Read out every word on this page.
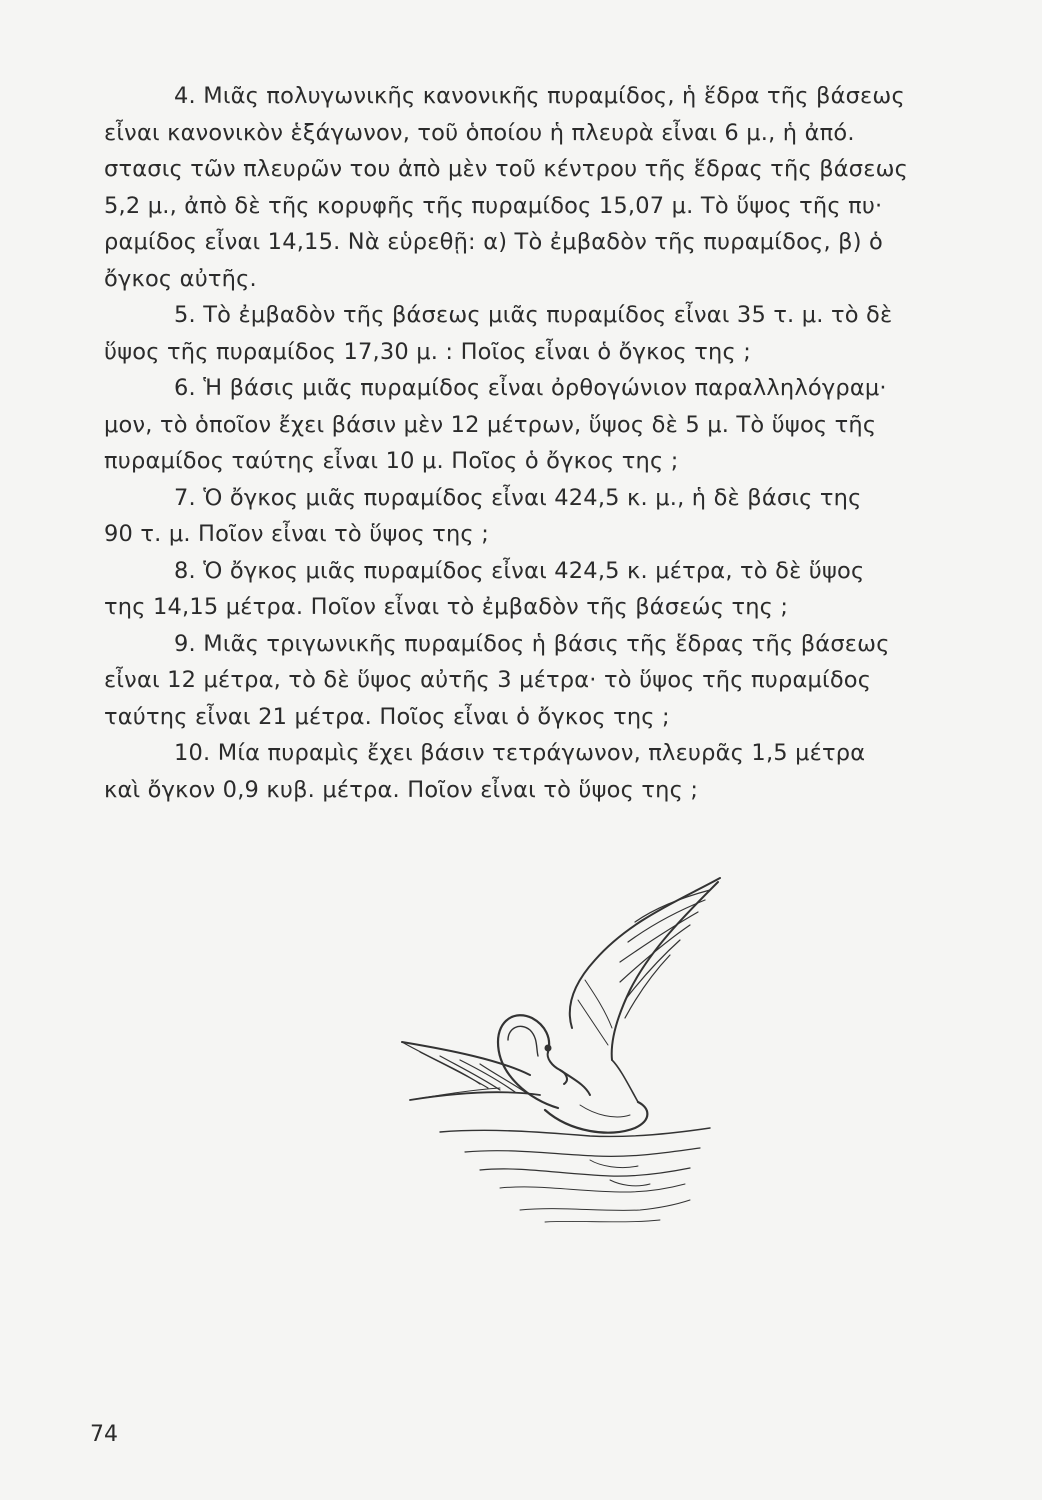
4. Μιᾶς πολυγωνικῆς κανονικῆς πυραμίδος, ἡ ἕδρα τῆς βάσεως
εἶναι κανονικὸν ἑξάγωνον, τοῦ ὁποίου ἡ πλευρὰ εἶναι 6 μ., ἡ ἀπό.
στασις τῶν πλευρῶν του ἀπὸ μὲν τοῦ κέντρου τῆς ἕδρας τῆς βάσεως
5,2 μ., ἀπὸ δὲ τῆς κορυφῆς τῆς πυραμίδος 15,07 μ. Τὸ ὕψος τῆς πυ·
ραμίδος εἶναι 14,15. Νὰ εὑρεθῇ: α) Τὸ ἐμβαδὸν τῆς πυραμίδος, β) ὁ
ὄγκος αὐτῆς.
5. Τὸ ἐμβαδὸν τῆς βάσεως μιᾶς πυραμίδος εἶναι 35 τ. μ. τὸ δὲ
ὕψος τῆς πυραμίδος 17,30 μ. : Ποῖος εἶναι ὁ ὄγκος της ;
6. Ἡ βάσις μιᾶς πυραμίδος εἶναι ὀρθογώνιον παραλληλόγραμ·
μον, τὸ ὁποῖον ἔχει βάσιν μὲν 12 μέτρων, ὕψος δὲ 5 μ. Τὸ ὕψος τῆς
πυραμίδος ταύτης εἶναι 10 μ. Ποῖος ὁ ὄγκος της ;
7. Ὁ ὄγκος μιᾶς πυραμίδος εἶναι 424,5 κ. μ., ἡ δὲ βάσις της
90 τ. μ. Ποῖον εἶναι τὸ ὕψος της ;
8. Ὁ ὄγκος μιᾶς πυραμίδος εἶναι 424,5 κ. μέτρα, τὸ δὲ ὕψος
της 14,15 μέτρα. Ποῖον εἶναι τὸ ἐμβαδὸν τῆς βάσεώς της ;
9. Μιᾶς τριγωνικῆς πυραμίδος ἡ βάσις τῆς ἕδρας τῆς βάσεως
εἶναι 12 μέτρα, τὸ δὲ ὕψος αὐτῆς 3 μέτρα· τὸ ὕψος τῆς πυραμίδος
ταύτης εἶναι 21 μέτρα. Ποῖος εἶναι ὁ ὄγκος της ;
10. Μία πυραμὶς ἔχει βάσιν τετράγωνον, πλευρᾶς 1,5 μέτρα
καὶ ὄγκον 0,9 κυβ. μέτρα. Ποῖον εἶναι τὸ ὕψος της ;
74
